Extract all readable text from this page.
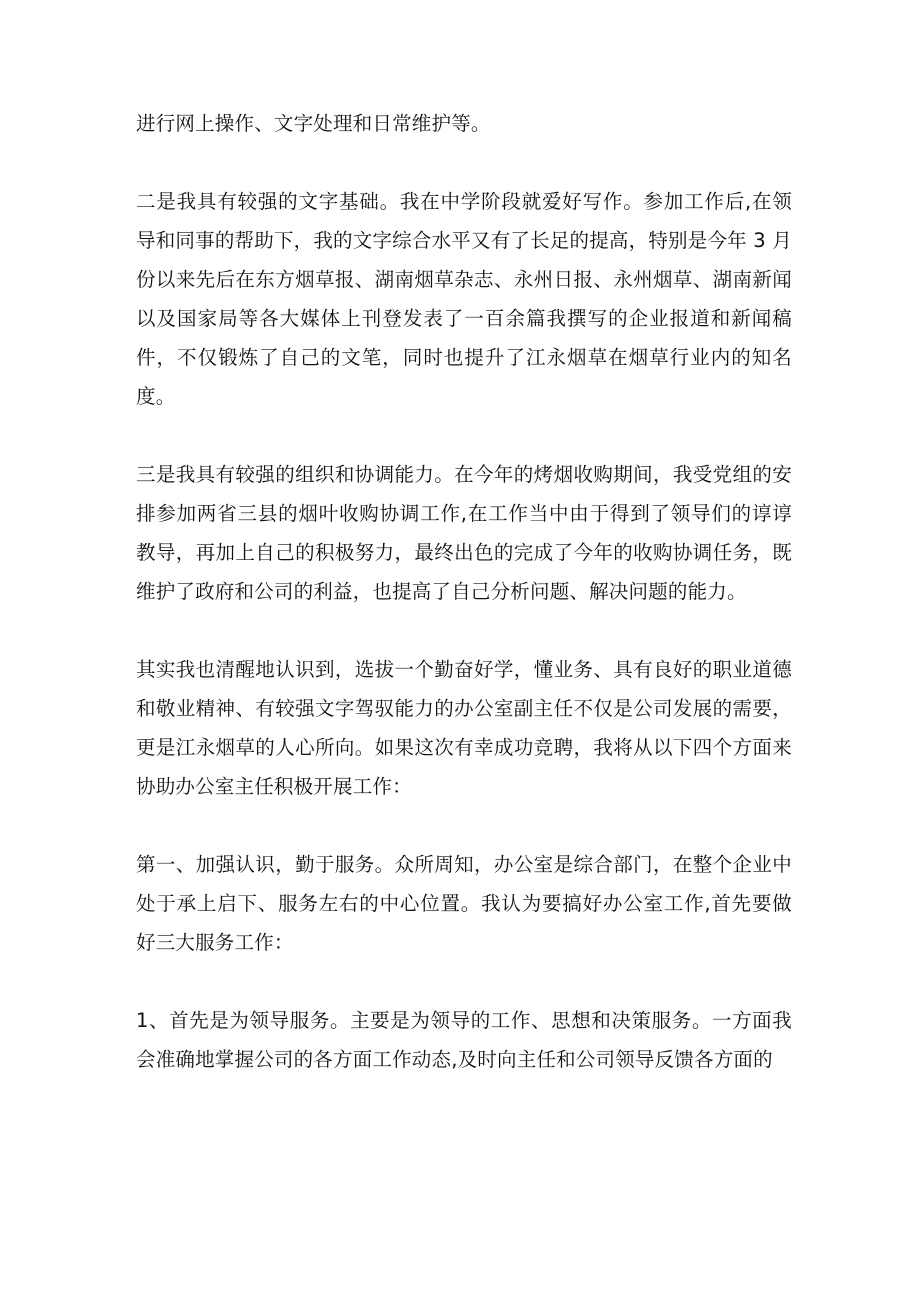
进行网上操作、文字处理和日常维护等。

二是我具有较强的文字基础。我在中学阶段就爱好写作。参加工作后,在领导和同事的帮助下，我的文字综合水平又有了长足的提高，特别是今年 3 月份以来先后在东方烟草报、湖南烟草杂志、永州日报、永州烟草、湖南新闻以及国家局等各大媒体上刊登发表了一百余篇我撰写的企业报道和新闻稿件，不仅锻炼了自己的文笔，同时也提升了江永烟草在烟草行业内的知名度。

三是我具有较强的组织和协调能力。在今年的烤烟收购期间，我受党组的安排参加两省三县的烟叶收购协调工作,在工作当中由于得到了领导们的谆谆教导，再加上自己的积极努力，最终出色的完成了今年的收购协调任务，既维护了政府和公司的利益，也提高了自己分析问题、解决问题的能力。

其实我也清醒地认识到，选拔一个勤奋好学，懂业务、具有良好的职业道德和敬业精神、有较强文字驾驭能力的办公室副主任不仅是公司发展的需要，更是江永烟草的人心所向。如果这次有幸成功竞聘，我将从以下四个方面来协助办公室主任积极开展工作：

第一、加强认识，勤于服务。众所周知，办公室是综合部门，在整个企业中处于承上启下、服务左右的中心位置。我认为要搞好办公室工作,首先要做好三大服务工作：

1、首先是为领导服务。主要是为领导的工作、思想和决策服务。一方面我会准确地掌握公司的各方面工作动态,及时向主任和公司领导反馈各方面的
